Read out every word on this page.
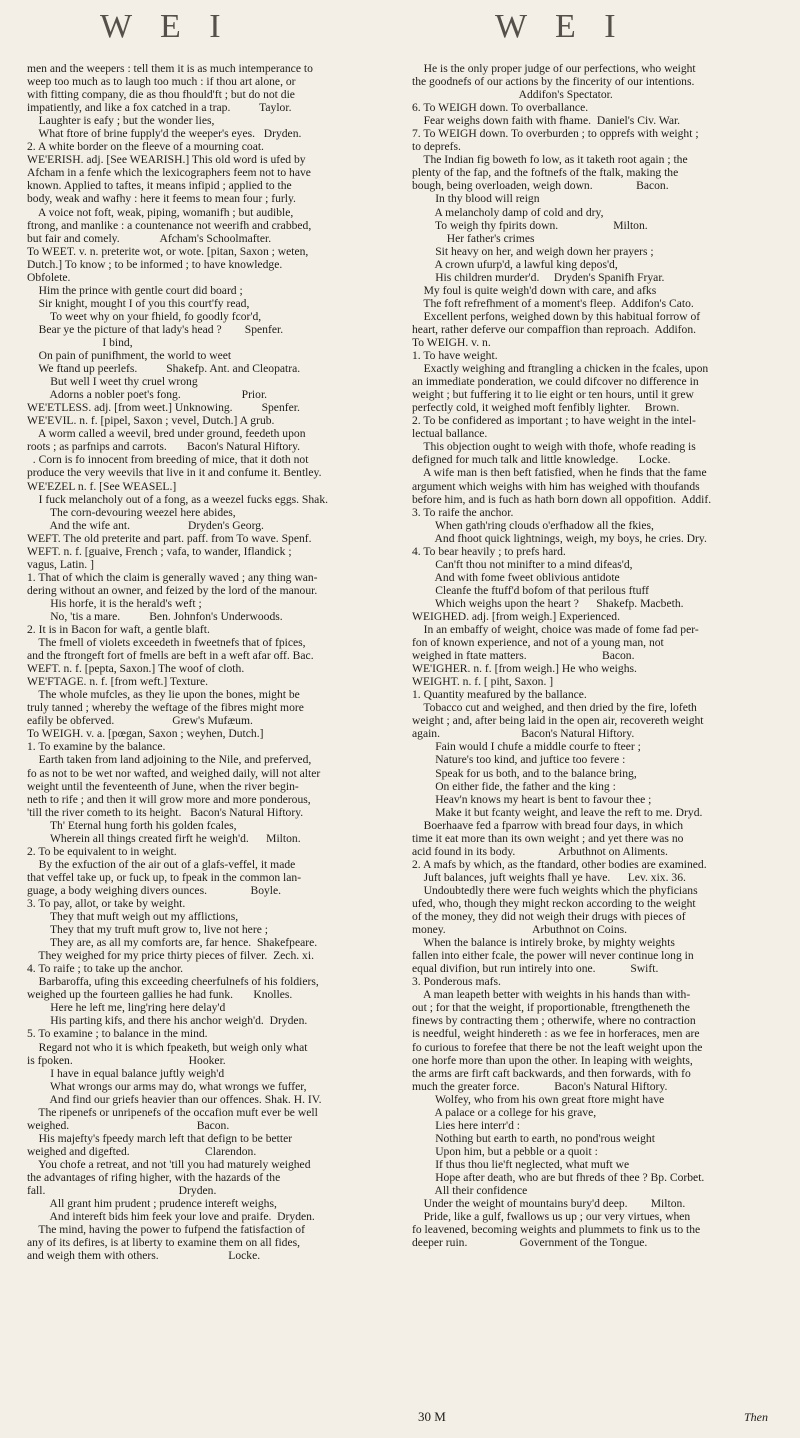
W E I	W E I
men and the weepers : tell them it is as much intemperance to
weep too much as to laugh too much : if thou art alone, or
with fitting company, die as thou fhould'ft ; but do not die
impatiently, and like a fox catched in a trap.          Taylor.
Laughter is eafy ; but the wonder lies,
What ftore of brine fupply'd the weeper's eyes.   Dryden.
2. A white border on the fleeve of a mourning coat.
WE'ERISH. adj. [See WEARISH.] This old word is ufed by
Afcham in a fenfe which the lexicographers feem not to have
known. Applied to taftes, it means infipid ; applied to the
body, weak and wafhy : here it feems to mean four ; furly.
A voice not foft, weak, piping, womanifh ; but audible,
ftrong, and manlike : a countenance not weerifh and crabbed,
but fair and comely.              Afcham's Schoolmafter.
To WEET. v. n. preterite wot, or wote. [pitan, Saxon ; weten,
Dutch.] To know ; to be informed ; to have knowledge.
Obfolete.
Him the prince with gentle court did board ;
Sir knight, mought I of you this court'fy read,
To weet why on your fhield, fo goodly fcor'd,
Bear ye the picture of that lady's head ?        Spenfer.
I bind,
On pain of punifhment, the world to weet
We ftand up peerlefs.          Shakefp. Ant. and Cleopatra.
But well I weet thy cruel wrong
Adorns a nobler poet's fong.                     Prior.
WE'ETLESS. adj. [from weet.] Unknowing.          Spenfer.
WE'EVIL. n. f. [pipel, Saxon ; vevel, Dutch.] A grub.
A worm called a weevil, bred under ground, feedeth upon
roots ; as parfnips and carrots.       Bacon's Natural Hiftory.
. Corn is fo innocent from breeding of mice, that it doth not
produce the very weevils that live in it and confume it. Bentley.
WE'EZEL n. f. [See WEASEL.]
I fuck melancholy out of a fong, as a weezel fucks eggs. Shak.
The corn-devouring weezel here abides,
And the wife ant.                    Dryden's Georg.
WEFT. The old preterite and part. paff. from To wave. Spenf.
WEFT. n. f. [guaive, French ; vafa, to wander, Iflandick ;
vagus, Latin. ]
1. That of which the claim is generally waved ; any thing wan-
dering without an owner, and feized by the lord of the manour.
His horfe, it is the herald's weft ;
No, 'tis a mare.          Ben. Johnfon's Underwoods.
2. It is in Bacon for waft, a gentle blaft.
The fmell of violets exceedeth in fweetnefs that of fpices,
and the ftrongeft fort of fmells are beft in a weft afar off. Bac.
WEFT. n. f. [pepta, Saxon.] The woof of cloth.
WE'FTAGE. n. f. [from weft.] Texture.
The whole mufcles, as they lie upon the bones, might be
truly tanned ; whereby the weftage of the fibres might more
eafily be obferved.                    Grew's Mufæum.
To WEIGH. v. a. [pœgan, Saxon ; weyhen, Dutch.]
1. To examine by the balance.
Earth taken from land adjoining to the Nile, and preferved,
fo as not to be wet nor wafted, and weighed daily, will not alter
weight until the feventeenth of June, when the river begin-
neth to rife ; and then it will grow more and more ponderous,
'till the river cometh to its height.   Bacon's Natural Hiftory.
Th' Eternal hung forth his golden fcales,
Wherein all things created firft he weigh'd.      Milton.
2. To be equivalent to in weight.
By the exfuction of the air out of a glafs-veffel, it made
that veffel take up, or fuck up, to fpeak in the common lan-
guage, a body weighing divers ounces.               Boyle.
3. To pay, allot, or take by weight.
They that muft weigh out my afflictions,
They that my truft muft grow to, live not here ;
They are, as all my comforts are, far hence.  Shakefpeare.
They weighed for my price thirty pieces of filver.  Zech. xi.
4. To raife ; to take up the anchor.
Barbaroffa, ufing this exceeding cheerfulnefs of his foldiers,
weighed up the fourteen gallies he had funk.       Knolles.
Here he left me, ling'ring here delay'd
His parting kifs, and there his anchor weigh'd.  Dryden.
5. To examine ; to balance in the mind.
Regard not who it is which fpeaketh, but weigh only what
is fpoken.                                        Hooker.
I have in equal balance juftly weigh'd
What wrongs our arms may do, what wrongs we fuffer,
And find our griefs heavier than our offences. Shak. H. IV.
The ripenefs or unripenefs of the occafion muft ever be well
weighed.                                            Bacon.
His majefty's fpeedy march left that defign to be better
weighed and digefted.                          Clarendon.
You chofe a retreat, and not 'till you had maturely weighed
the advantages of rifing higher, with the hazards of the
fall.                                              Dryden.
All grant him prudent ; prudence intereft weighs,
And intereft bids him feek your love and praife.  Dryden.
The mind, having the power to fufpend the fatisfaction of
any of its defires, is at liberty to examine them on all fides,
and weigh them with others.                        Locke.
He is the only proper judge of our perfections, who weight
the goodnefs of our actions by the fincerity of our intentions.
Addifon's Spectator.
6. To WEIGH down. To overballance.
Fear weighs down faith with fhame.  Daniel's Civ. War.
7. To WEIGH down. To overburden ; to opprefs with weight ;
to deprefs.
The Indian fig boweth fo low, as it taketh root again ; the
plenty of the fap, and the foftnefs of the ftalk, making the
bough, being overloaden, weigh down.               Bacon.
In thy blood will reign
A melancholy damp of cold and dry,
To weigh thy fpirits down.                   Milton.
Her father's crimes
Sit heavy on her, and weigh down her prayers ;
A crown ufurp'd, a lawful king depos'd,
His children murder'd.     Dryden's Spanifh Fryar.
My foul is quite weigh'd down with care, and afks
The foft refrefhment of a moment's fleep.  Addifon's Cato.
Excellent perfons, weighed down by this habitual forrow of
heart, rather deferve our compaffion than reproach.  Addifon.
To WEIGH. v. n.
1. To have weight.
Exactly weighing and ftrangling a chicken in the fcales, upon
an immediate ponderation, we could difcover no difference in
weight ; but fuffering it to lie eight or ten hours, until it grew
perfectly cold, it weighed moft fenfibly lighter.     Brown.
2. To be confidered as important ; to have weight in the intel-
lectual ballance.
This objection ought to weigh with thofe, whofe reading is
defigned for much talk and little knowledge.       Locke.
A wife man is then beft fatisfied, when he finds that the fame
argument which weighs with him has weighed with thoufands
before him, and is fuch as hath born down all oppofition.  Addif.
3. To raife the anchor.
When gath'ring clouds o'erfhadow all the fkies,
And fhoot quick lightnings, weigh, my boys, he cries. Dry.
4. To bear heavily ; to prefs hard.
Can'ft thou not minifter to a mind difeas'd,
And with fome fweet oblivious antidote
Cleanfe the ftuff'd bofom of that perilous ftuff
Which weighs upon the heart ?      Shakefp. Macbeth.
WEIGHED. adj. [from weigh.] Experienced.
In an embaffy of weight, choice was made of fome fad per-
fon of known experience, and not of a young man, not
weighed in ftate matters.                          Bacon.
WE'IGHER. n. f. [from weigh.] He who weighs.
WEIGHT. n. f. [ piht, Saxon. ]
1. Quantity meafured by the ballance.
Tobacco cut and weighed, and then dried by the fire, lofeth
weight ; and, after being laid in the open air, recovereth weight
again.                            Bacon's Natural Hiftory.
Fain would I chufe a middle courfe to fteer ;
Nature's too kind, and juftice too fevere :
Speak for us both, and to the balance bring,
On either fide, the father and the king :
Heav'n knows my heart is bent to favour thee ;
Make it but fcanty weight, and leave the reft to me. Dryd.
Boerhaave fed a fparrow with bread four days, in which
time it eat more than its own weight ; and yet there was no
acid found in its body.               Arbuthnot on Aliments.
2. A mafs by which, as the ftandard, other bodies are examined.
Juft balances, juft weights fhall ye have.      Lev. xix. 36.
Undoubtedly there were fuch weights which the phyficians
ufed, who, though they might reckon according to the weight
of the money, they did not weigh their drugs with pieces of
money.                              Arbuthnot on Coins.
When the balance is intirely broke, by mighty weights
fallen into either fcale, the power will never continue long in
equal divifion, but run intirely into one.            Swift.
3. Ponderous mafs.
A man leapeth better with weights in his hands than with-
out ; for that the weight, if proportionable, ftrengtheneth the
finews by contracting them ; otherwife, where no contraction
is needful, weight hindereth : as we fee in horferaces, men are
fo curious to forefee that there be not the leaft weight upon the
one horfe more than upon the other. In leaping with weights,
the arms are firft caft backwards, and then forwards, with fo
much the greater force.            Bacon's Natural Hiftory.
Wolfey, who from his own great ftore might have
A palace or a college for his grave,
Lies here interr'd :
Nothing but earth to earth, no pond'rous weight
Upon him, but a pebble or a quoit :
If thus thou lie'ft neglected, what muft we
Hope after death, who are but fhreds of thee ? Bp. Corbet.
All their confidence
Under the weight of mountains bury'd deep.        Milton.
Pride, like a gulf, fwallows us up ; our very virtues, when
fo leavened, becoming weights and plummets to fink us to the
deeper ruin.                  Government of the Tongue.
30 M	Then
